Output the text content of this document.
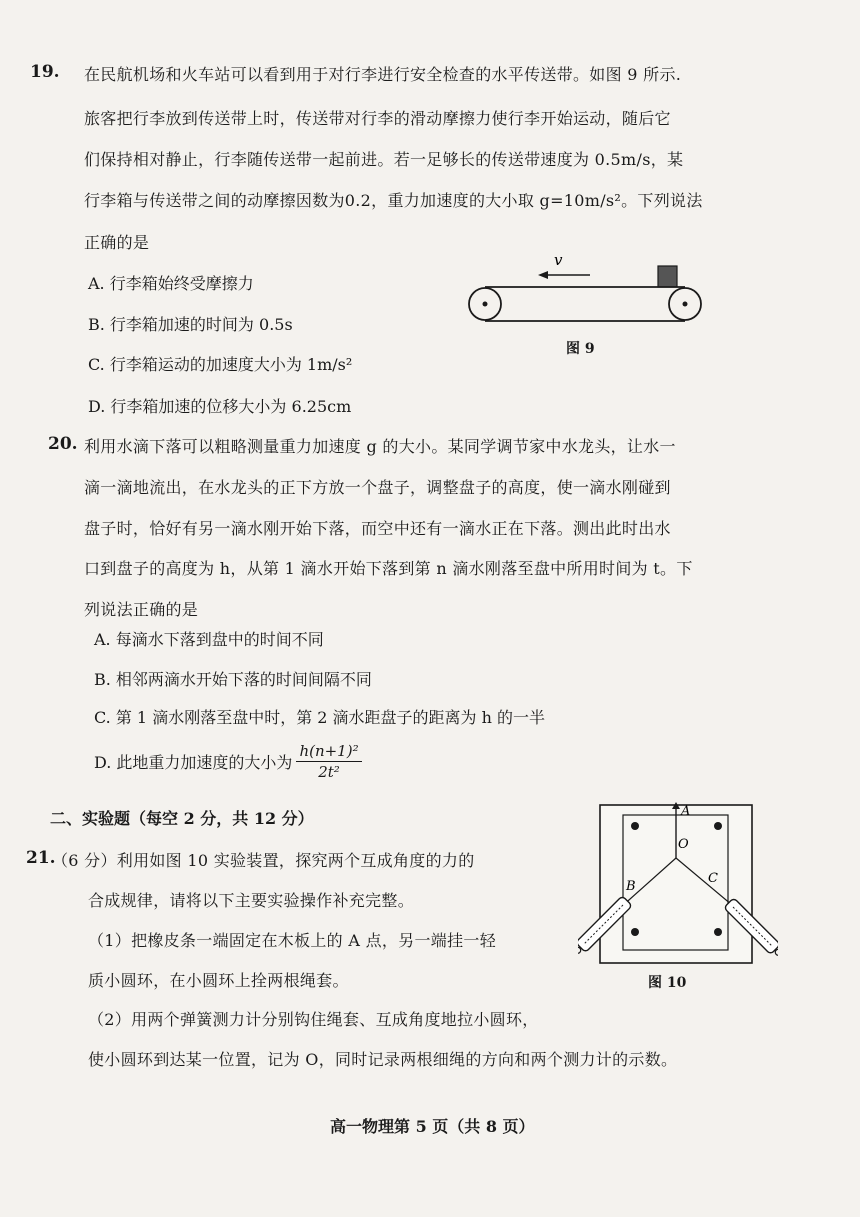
19. 在民航机场和火车站可以看到用于对行李进行安全检查的水平传送带。如图 9 所示.
旅客把行李放到传送带上时，传送带对行李的滑动摩擦力使行李开始运动，随后它
们保持相对静止，行李随传送带一起前进。若一足够长的传送带速度为 0.5m/s，某
行李箱与传送带之间的动摩擦因数为0.2，重力加速度的大小取 g=10m/s²。下列说法
正确的是
A. 行李箱始终受摩擦力
B. 行李箱加速的时间为 0.5s
C. 行李箱运动的加速度大小为 1m/s²
D. 行李箱加速的位移大小为 6.25cm
v
图 9
20. 利用水滴下落可以粗略测量重力加速度 g 的大小。某同学调节家中水龙头，让水一
滴一滴地流出，在水龙头的正下方放一个盘子，调整盘子的高度，使一滴水刚碰到
盘子时，恰好有另一滴水刚开始下落，而空中还有一滴水正在下落。测出此时出水
口到盘子的高度为 h，从第 1 滴水开始下落到第 n 滴水刚落至盘中所用时间为 t。下
列说法正确的是
A. 每滴水下落到盘中的时间不同
B. 相邻两滴水开始下落的时间间隔不同
C. 第 1 滴水刚落至盘中时，第 2 滴水距盘子的距离为 h 的一半
D. 此地重力加速度的大小为 $\frac{\text{h(n+1)²}}{\text{2t²}}$
二、实验题（每空 2 分，共 12 分）
21.
（6 分）利用如图 10 实验装置，探究两个互成角度的力的
合成规律，请将以下主要实验操作补充完整。
（1）把橡皮条一端固定在木板上的 A 点，另一端挂一轻
质小圆环，在小圆环上拴两根绳套。
（2）用两个弹簧测力计分别钩住绳套、互成角度地拉小圆环，
使小圆环到达某一位置，记为 O，同时记录两根细绳的方向和两个测力计的示数。
A
O
B
C
图 10
高一物理第 5 页（共 8 页）
